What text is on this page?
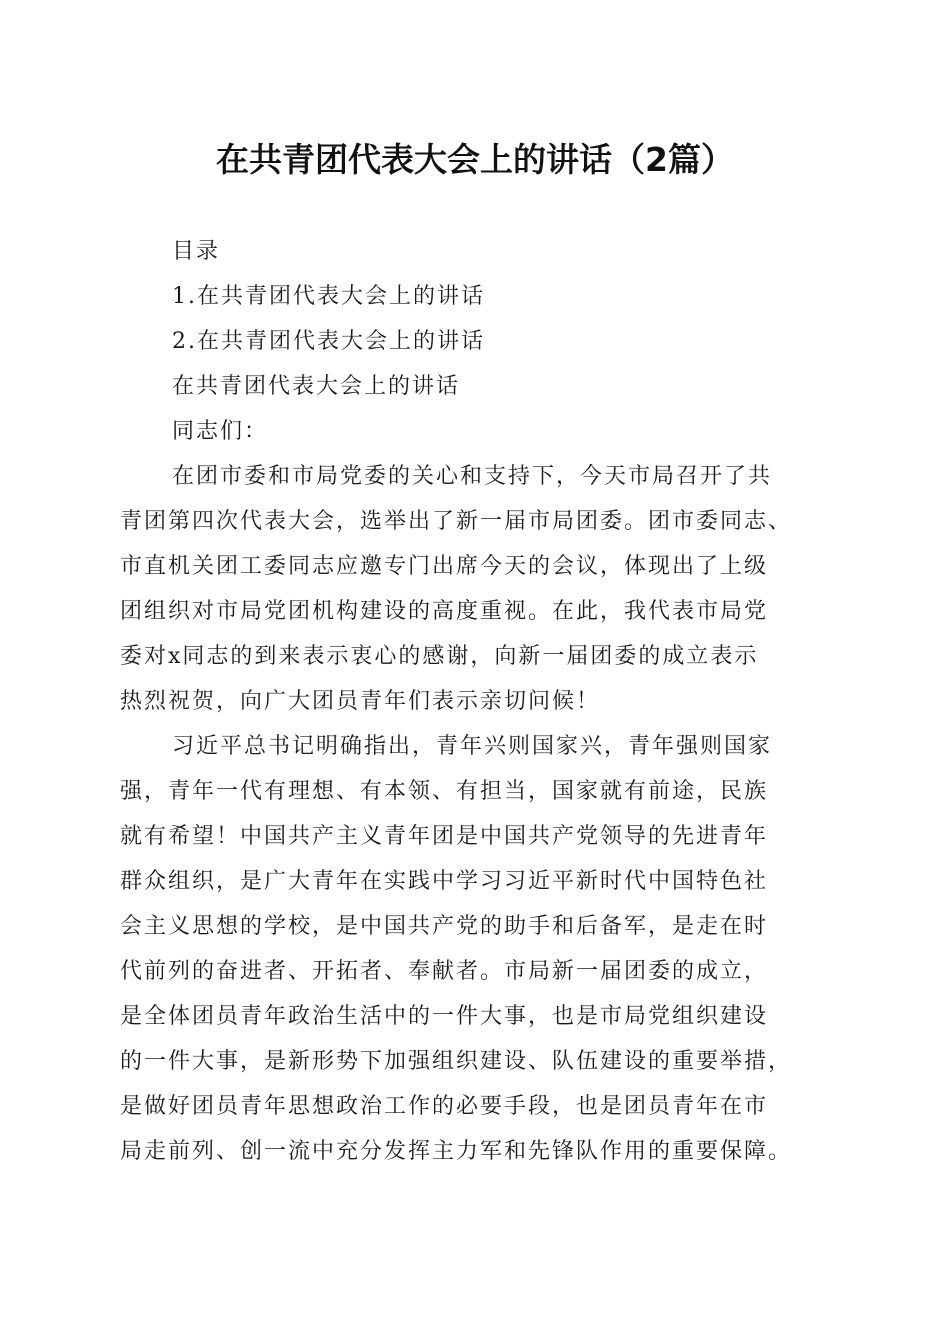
在共青团代表大会上的讲话（2篇）
目录
1.在共青团代表大会上的讲话
2.在共青团代表大会上的讲话
在共青团代表大会上的讲话
同志们：
在团市委和市局党委的关心和支持下，今天市局召开了共
青团第四次代表大会，选举出了新一届市局团委。团市委同志、
市直机关团工委同志应邀专门出席今天的会议，体现出了上级
团组织对市局党团机构建设的高度重视。在此，我代表市局党
委对x同志的到来表示衷心的感谢，向新一届团委的成立表示
热烈祝贺，向广大团员青年们表示亲切问候！
习近平总书记明确指出，青年兴则国家兴，青年强则国家
强，青年一代有理想、有本领、有担当，国家就有前途，民族
就有希望！中国共产主义青年团是中国共产党领导的先进青年
群众组织，是广大青年在实践中学习习近平新时代中国特色社
会主义思想的学校，是中国共产党的助手和后备军，是走在时
代前列的奋进者、开拓者、奉献者。市局新一届团委的成立，
是全体团员青年政治生活中的一件大事，也是市局党组织建设
的一件大事，是新形势下加强组织建设、队伍建设的重要举措，
是做好团员青年思想政治工作的必要手段，也是团员青年在市
局走前列、创一流中充分发挥主力军和先锋队作用的重要保障。
